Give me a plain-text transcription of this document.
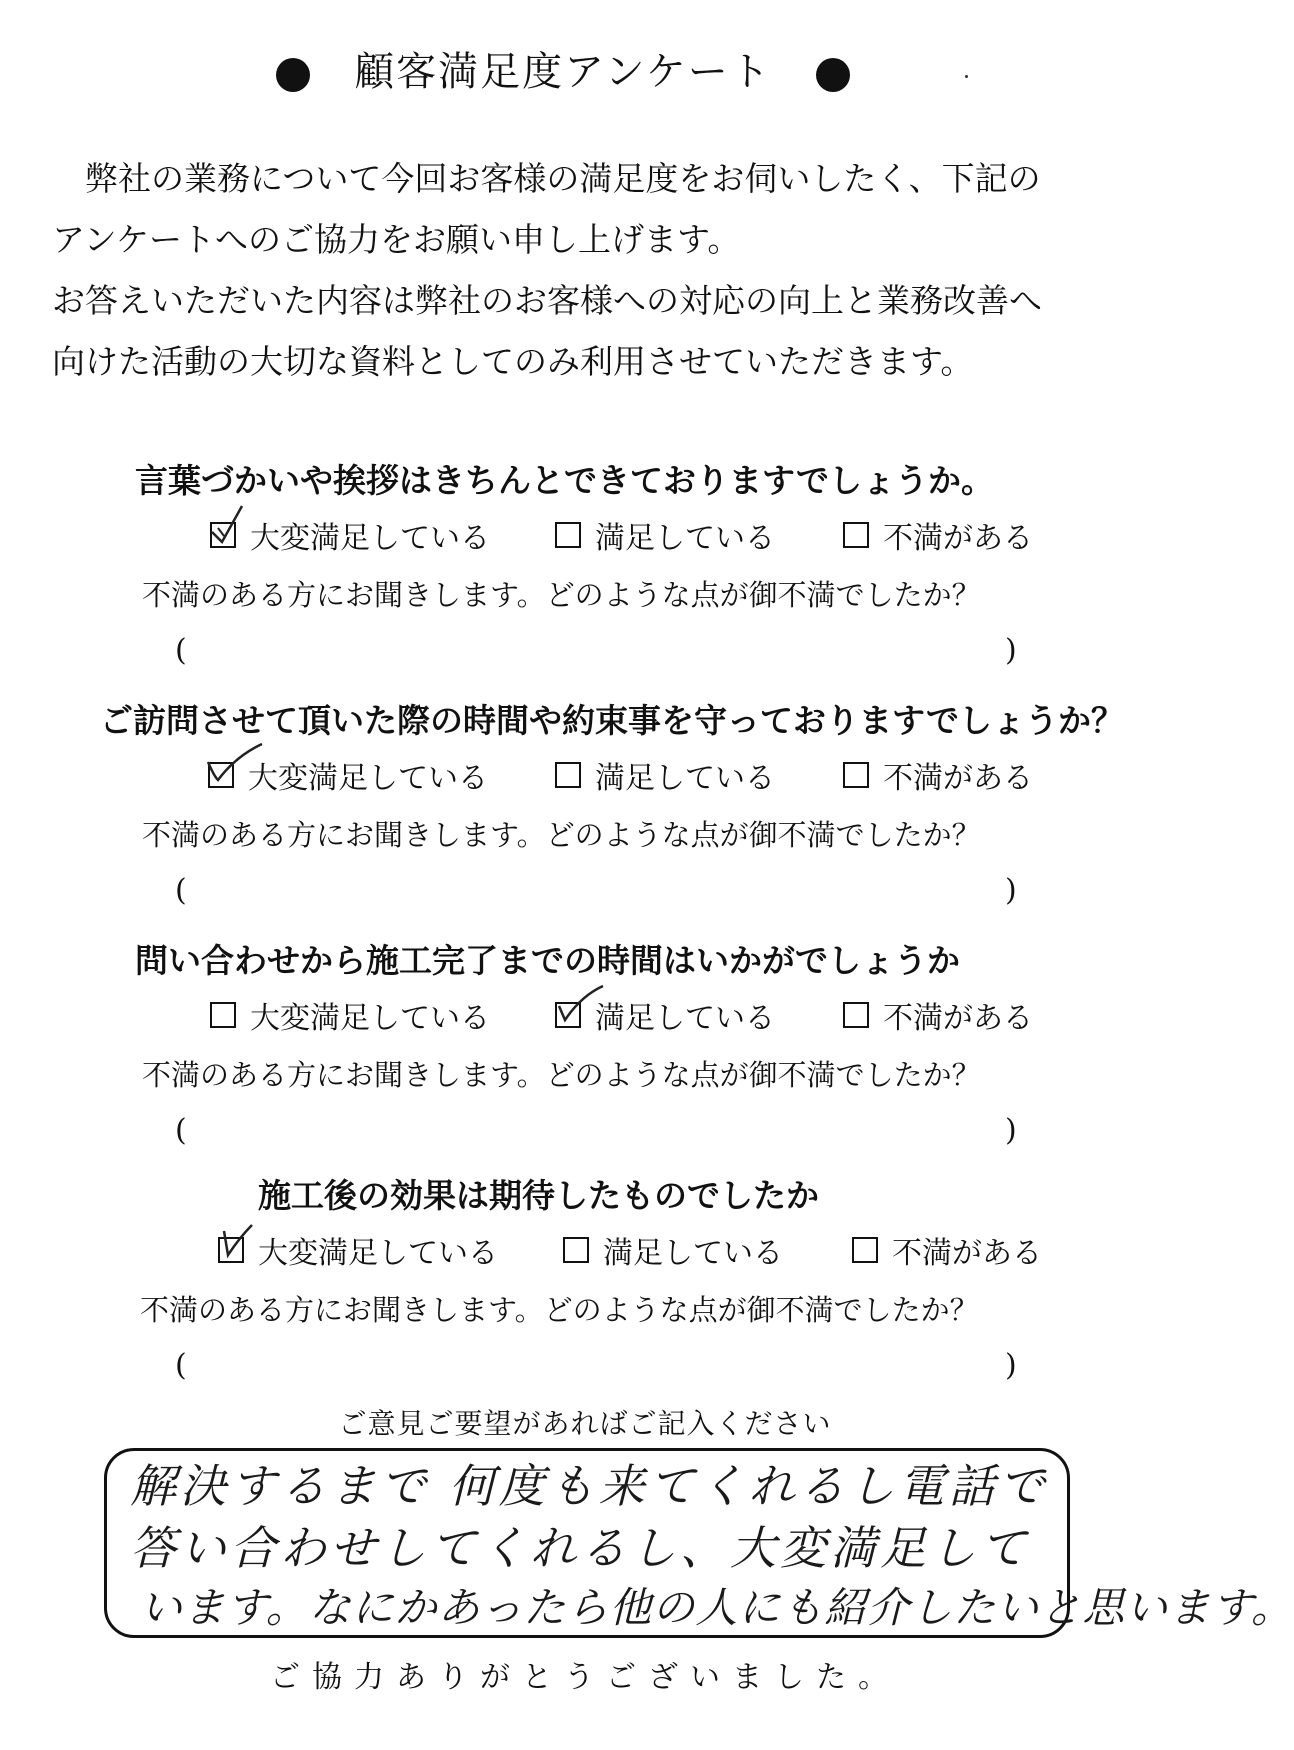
顧客満足度アンケート

弊社の業務について今回お客様の満足度をお伺いしたく、下記の

アンケートへのご協力をお願い申し上げます。

お答えいただいた内容は弊社のお客様への対応の向上と業務改善へ

向けた活動の大切な資料としてのみ利用させていただきます。

言葉づかいや挨拶はきちんとできておりますでしょうか。
大変満足している	満足している	不満がある
不満のある方にお聞きします。どのような点が御不満でしたか？
(	)
ご訪問させて頂いた際の時間や約束事を守っておりますでしょうか？
大変満足している	満足している	不満がある
不満のある方にお聞きします。どのような点が御不満でしたか？
(	)
問い合わせから施工完了までの時間はいかがでしょうか
大変満足している	満足している	不満がある
不満のある方にお聞きします。どのような点が御不満でしたか？
(	)
施工後の効果は期待したものでしたか
大変満足している	満足している	不満がある
不満のある方にお聞きします。どのような点が御不満でしたか？
(	)
ご意見ご要望があればご記入ください
解決するまで 何度も来てくれるし電話で
答い合わせしてくれるし、大変満足して
います。なにかあったら他の人にも紹介したいと思います。
ご協力ありがとうございました。
